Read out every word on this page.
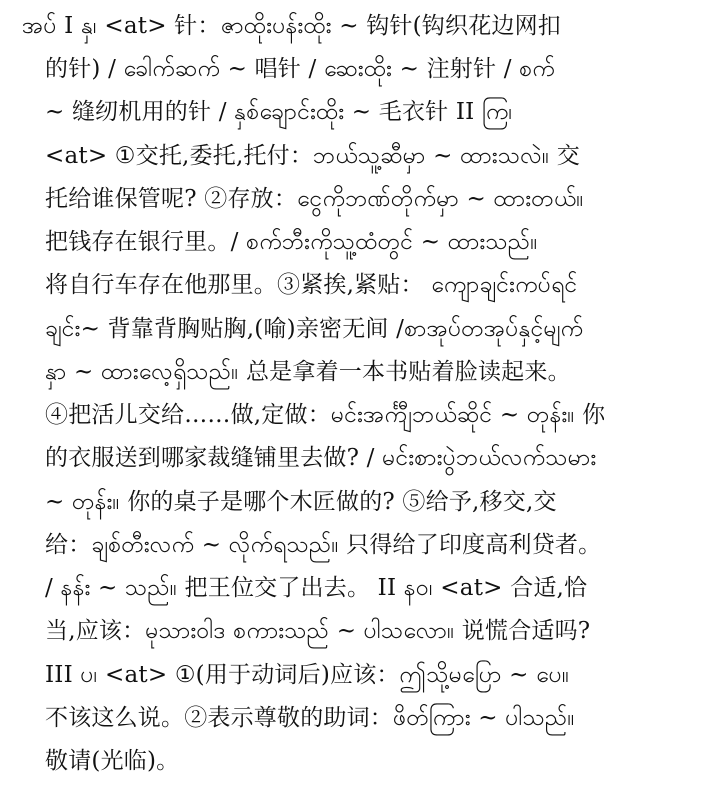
အပ် I နှ၊ <at> 针：ဇာထိုးပန်းထိုး ~ 钩针(钩织花边网扣
的针) / ခေါက်ဆက် ~ 唱针 / ဆေးထိုး ~ 注射针 / စက်
~ 缝纫机用的针 / နှစ်ချောင်းထိုး ~ 毛衣针 II ကြ၊
<at> ①交托,委托,托付：ဘယ်သူ့ဆီမှာ ~ ထားသလဲ။ 交
托给谁保管呢? ②存放：ငွေကိုဘဏ်တိုက်မှာ ~ ထားတယ်။
把钱存在银行里。/ စက်ဘီးကိုသူ့ထံတွင် ~ ထားသည်။
将自行车存在他那里。③紧挨,紧贴： ကျောချင်းကပ်ရင်
ချင်း~ 背靠背胸贴胸,(喻)亲密无间 /စာအုပ်တအုပ်နှင့်မျက်
နှာ ~ ထားလေ့ရှိသည်။ 总是拿着一本书贴着脸读起来。
④把活儿交给……做,定做：မင်းအင်္ကျီဘယ်ဆိုင် ~ တုန်း။ 你
的衣服送到哪家裁缝铺里去做? / မင်းစားပွဲဘယ်လက်သမား
~ တုန်း။ 你的桌子是哪个木匠做的? ⑤给予,移交,交
给：ချစ်တီးလက် ~ လိုက်ရသည်။ 只得给了印度高利贷者。
/ နန်း ~ သည်။ 把王位交了出去。 II နဝ၊ <at> 合适,恰
当,应该：မုသားဝါဒ စကားသည် ~ ပါသလော။ 说慌合适吗?
III ပ၊ <at> ①(用于动词后)应该：ဤသို့မပြော ~ ပေ။
不该这么说。②表示尊敬的助词：ဖိတ်ကြား ~ ပါသည်။
敬请(光临)。
